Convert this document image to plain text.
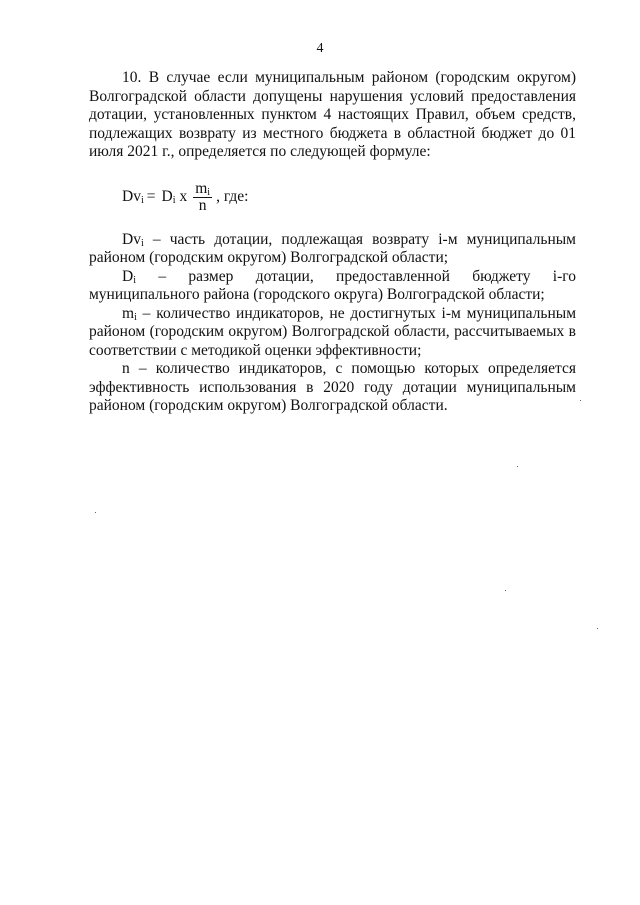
4

10. В случае если муниципальным районом (городским округом) Волгоградской области допущены нарушения условий предоставления дотации, установленных пунктом 4 настоящих Правил, объем средств, подлежащих возврату из местного бюджета в областной бюджет до 01 июля 2021 г., определяется по следующей формуле:

$Dv_i = D_i$ х $\frac{m_i}{n}$ , где:

$Dv_i$ – часть дотации, подлежащая возврату i-м муниципальным районом (городским округом) Волгоградской области;

$D_i$ – размер дотации, предоставленной бюджету i-го муниципального района (городского округа) Волгоградской области;

$m_i$ – количество индикаторов, не достигнутых i-м муниципальным районом (городским округом) Волгоградской области, рассчитываемых в соответствии с методикой оценки эффективности;

n – количество индикаторов, с помощью которых определяется эффективность использования в 2020 году дотации муниципальным районом (городским округом) Волгоградской области.
